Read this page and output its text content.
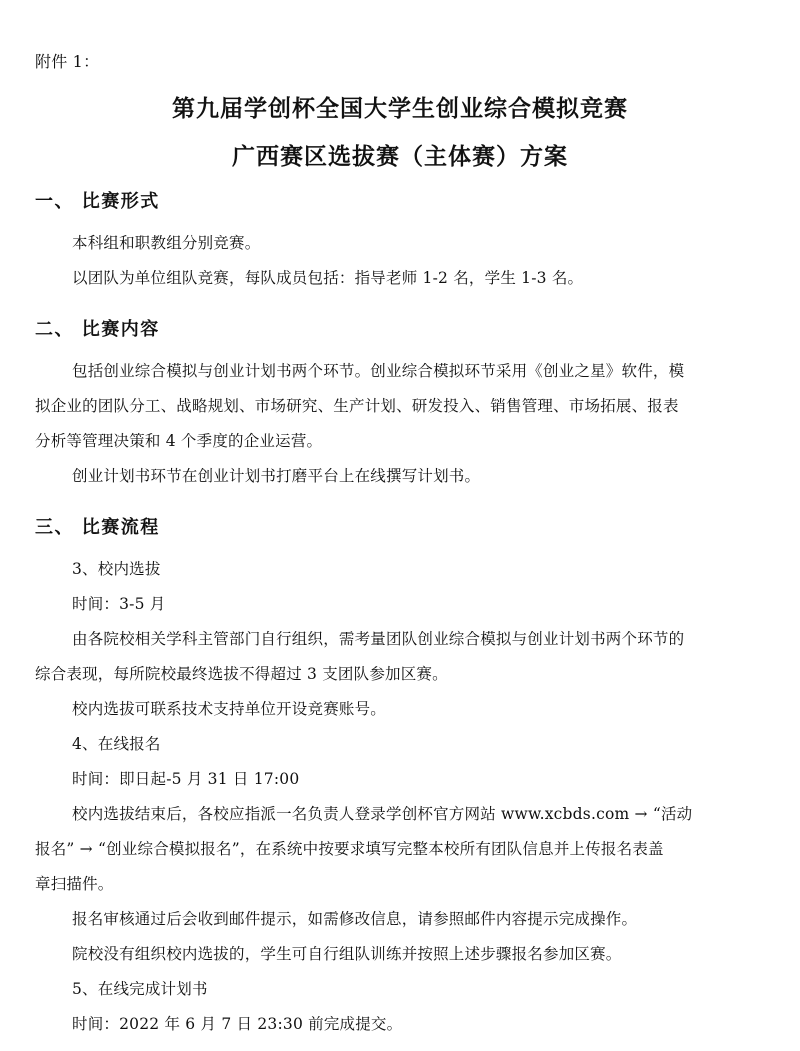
附件 1：
第九届学创杯全国大学生创业综合模拟竞赛
广西赛区选拔赛（主体赛）方案
一、 比赛形式
本科组和职教组分别竞赛。
以团队为单位组队竞赛，每队成员包括：指导老师 1-2 名，学生 1-3 名。
二、 比赛内容
包括创业综合模拟与创业计划书两个环节。创业综合模拟环节采用《创业之星》软件，模
拟企业的团队分工、战略规划、市场研究、生产计划、研发投入、销售管理、市场拓展、报表
分析等管理决策和 4 个季度的企业运营。
创业计划书环节在创业计划书打磨平台上在线撰写计划书。
三、 比赛流程
3、校内选拔
时间：3-5 月
由各院校相关学科主管部门自行组织，需考量团队创业综合模拟与创业计划书两个环节的
综合表现，每所院校最终选拔不得超过 3 支团队参加区赛。
校内选拔可联系技术支持单位开设竞赛账号。
4、在线报名
时间：即日起-5 月 31 日 17:00
校内选拔结束后，各校应指派一名负责人登录学创杯官方网站 www.xcbds.com → “活动
报名” → “创业综合模拟报名”，在系统中按要求填写完整本校所有团队信息并上传报名表盖
章扫描件。
报名审核通过后会收到邮件提示，如需修改信息，请参照邮件内容提示完成操作。
院校没有组织校内选拔的，学生可自行组队训练并按照上述步骤报名参加区赛。
5、在线完成计划书
时间：2022 年 6 月 7 日 23:30 前完成提交。
